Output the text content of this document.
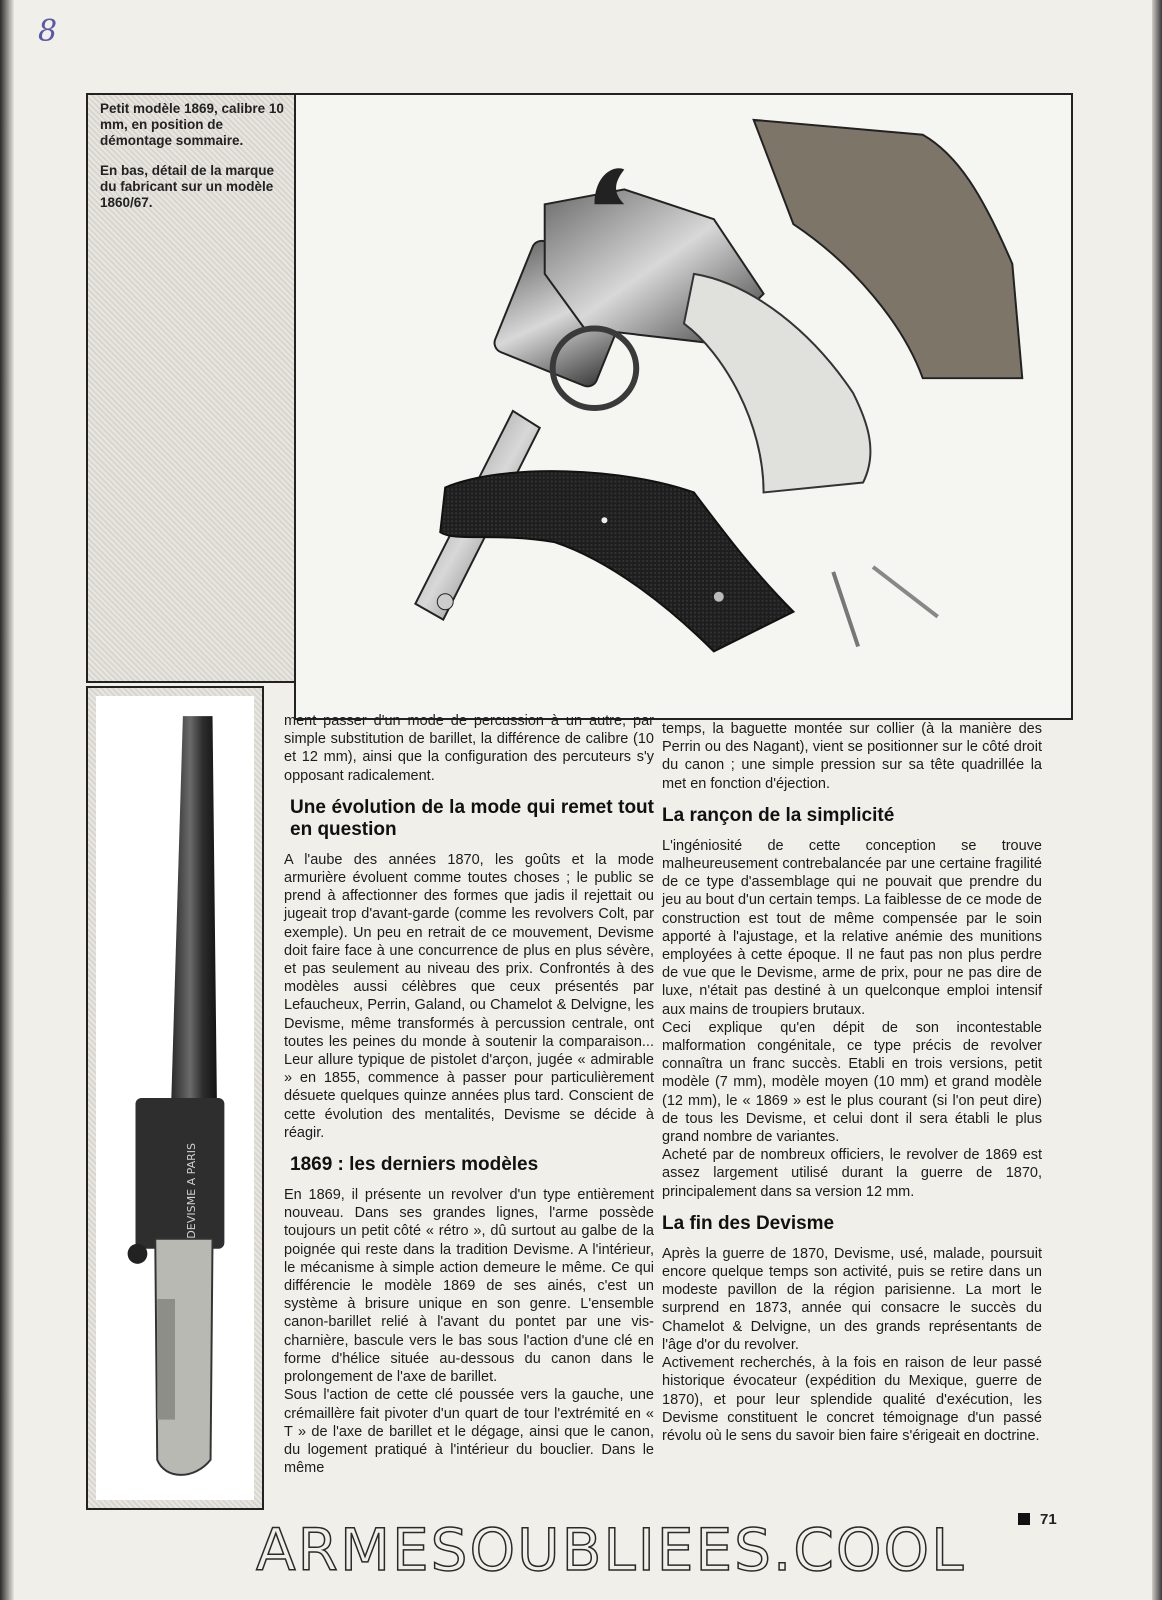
8

Petit modèle 1869, calibre 10 mm, en position de démontage sommaire.

En bas, détail de la marque du fabricant sur un modèle 1860/67.

DEVISME A PARIS

ment passer d'un mode de percussion à un autre, par simple substitution de barillet, la différence de calibre (10 et 12 mm), ainsi que la configuration des percuteurs s'y opposant radicalement.

Une évolution de la mode qui remet tout en question

A l'aube des années 1870, les goûts et la mode armurière évoluent comme toutes choses ; le public se prend à affectionner des formes que jadis il rejettait ou jugeait trop d'avant-garde (comme les revolvers Colt, par exemple). Un peu en retrait de ce mouvement, Devisme doit faire face à une concurrence de plus en plus sévère, et pas seulement au niveau des prix. Confrontés à des modèles aussi célèbres que ceux présentés par Lefaucheux, Perrin, Galand, ou Chamelot & Delvigne, les Devisme, même transformés à percussion centrale, ont toutes les peines du monde à soutenir la comparaison... Leur allure typique de pistolet d'arçon, jugée « admirable » en 1855, commence à passer pour particulièrement désuete quelques quinze années plus tard. Conscient de cette évolution des mentalités, Devisme se décide à réagir.

1869 : les derniers modèles

En 1869, il présente un revolver d'un type entièrement nouveau. Dans ses grandes lignes, l'arme possède toujours un petit côté « rétro », dû surtout au galbe de la poignée qui reste dans la tradition Devisme. A l'intérieur, le mécanisme à simple action demeure le même. Ce qui différencie le modèle 1869 de ses ainés, c'est un système à brisure unique en son genre. L'ensemble canon-barillet relié à l'avant du pontet par une vis-charnière, bascule vers le bas sous l'action d'une clé en forme d'hélice située au-dessous du canon dans le prolongement de l'axe de barillet.

Sous l'action de cette clé poussée vers la gauche, une crémaillère fait pivoter d'un quart de tour l'extrémité en « T » de l'axe de barillet et le dégage, ainsi que le canon, du logement pratiqué à l'intérieur du bouclier. Dans le même

temps, la baguette montée sur collier (à la manière des Perrin ou des Nagant), vient se positionner sur le côté droit du canon ; une simple pression sur sa tête quadrillée la met en fonction d'éjection.

La rançon de la simplicité

L'ingéniosité de cette conception se trouve malheureusement contrebalancée par une certaine fragilité de ce type d'assemblage qui ne pouvait que prendre du jeu au bout d'un certain temps. La faiblesse de ce mode de construction est tout de même compensée par le soin apporté à l'ajustage, et la relative anémie des munitions employées à cette époque. Il ne faut pas non plus perdre de vue que le Devisme, arme de prix, pour ne pas dire de luxe, n'était pas destiné à un quelconque emploi intensif aux mains de troupiers brutaux.

Ceci explique qu'en dépit de son incontestable malformation congénitale, ce type précis de revolver connaîtra un franc succès. Etabli en trois versions, petit modèle (7 mm), modèle moyen (10 mm) et grand modèle (12 mm), le « 1869 » est le plus courant (si l'on peut dire) de tous les Devisme, et celui dont il sera établi le plus grand nombre de variantes.

Acheté par de nombreux officiers, le revolver de 1869 est assez largement utilisé durant la guerre de 1870, principalement dans sa version 12 mm.

La fin des Devisme

Après la guerre de 1870, Devisme, usé, malade, poursuit encore quelque temps son activité, puis se retire dans un modeste pavillon de la région parisienne. La mort le surprend en 1873, année qui consacre le succès du Chamelot & Delvigne, un des grands représentants de l'âge d'or du revolver.

Activement recherchés, à la fois en raison de leur passé historique évocateur (expédition du Mexique, guerre de 1870), et pour leur splendide qualité d'exécution, les Devisme constituent le concret témoignage d'un passé révolu où le sens du savoir bien faire s'érigeait en doctrine.

71
ARMESOUBLIEES.COOL
